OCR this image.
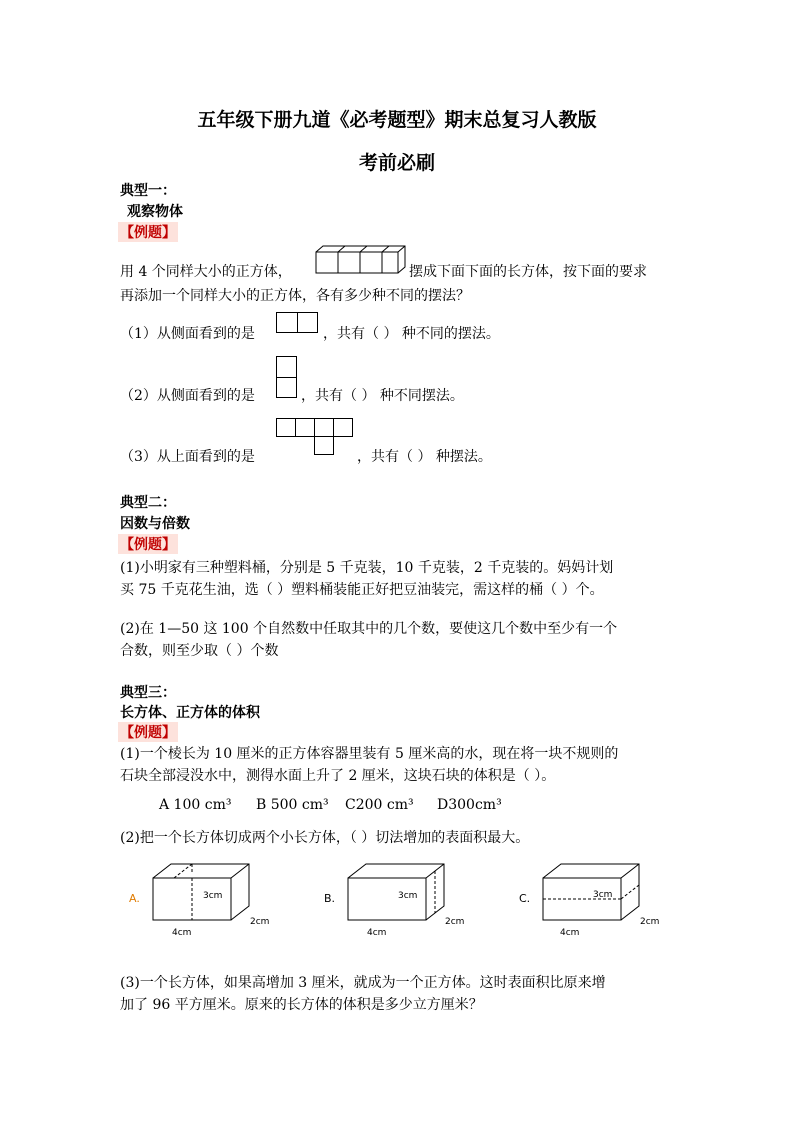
五年级下册九道《必考题型》期末总复习人教版
考前必刷
典型一：
观察物体
【例题】
用 4 个同样大小的正方体，	摆成下面下面的长方体，按下面的要求
再添加一个同样大小的正方体，各有多少种不同的摆法？
（1）从侧面看到的是	，共有（ ） 种不同的摆法。
（2）从侧面看到的是	，共有（ ） 种不同摆法。
（3）从上面看到的是	，共有（ ） 种摆法。
典型二：
因数与倍数
【例题】
(1)小明家有三种塑料桶，分别是 5 千克装，10 千克装，2 千克装的。妈妈计划
买 75 千克花生油，选（ ）塑料桶装能正好把豆油装完，需这样的桶（ ）个。
(2)在 1—50 这 100 个自然数中任取其中的几个数，要使这几个数中至少有一个
合数，则至少取（ ）个数
典型三：
长方体、正方体的体积
【例题】
(1)一个棱长为 10 厘米的正方体容器里装有 5 厘米高的水，现在将一块不规则的
石块全部浸没水中，测得水面上升了 2 厘米，这块石块的体积是（ ）。
A 100 cm³ B 500 cm³ C200 cm³ D300cm³
(2)把一个长方体切成两个小长方体，（ ）切法增加的表面积最大。
A.	3cm
4cm
2cm
B.	3cm
4cm
2cm
C.	3cm
4cm
2cm
(3)一个长方体，如果高增加 3 厘米，就成为一个正方体。这时表面积比原来增
加了 96 平方厘米。原来的长方体的体积是多少立方厘米？
